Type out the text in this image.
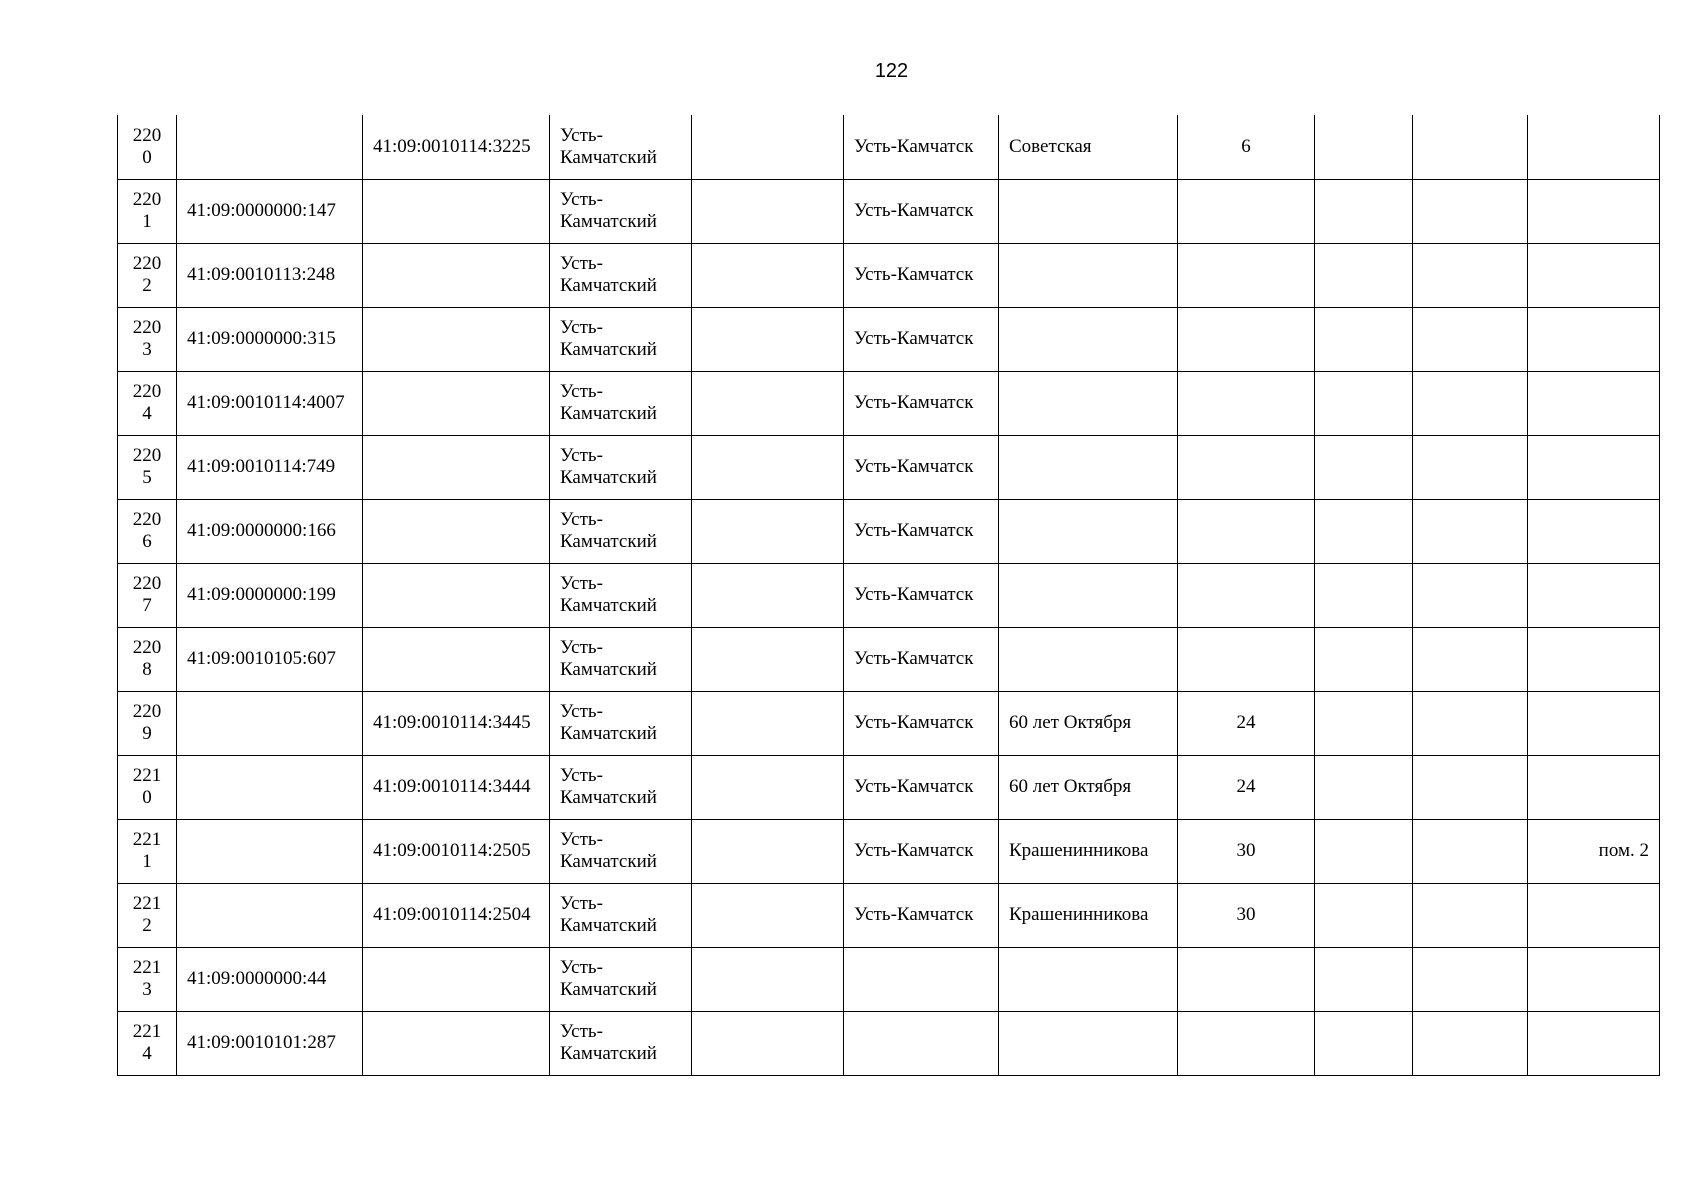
122
2200		41:09:0010114:3225	Усть-
Камчатский		Усть-Камчатск	Советская	6			
2201	41:09:0000000:147		Усть-
Камчатский		Усть-Камчатск					
2202	41:09:0010113:248		Усть-
Камчатский		Усть-Камчатск					
2203	41:09:0000000:315		Усть-
Камчатский		Усть-Камчатск					
2204	41:09:0010114:4007		Усть-
Камчатский		Усть-Камчатск					
2205	41:09:0010114:749		Усть-
Камчатский		Усть-Камчатск					
2206	41:09:0000000:166		Усть-
Камчатский		Усть-Камчатск					
2207	41:09:0000000:199		Усть-
Камчатский		Усть-Камчатск					
2208	41:09:0010105:607		Усть-
Камчатский		Усть-Камчатск					
2209		41:09:0010114:3445	Усть-
Камчатский		Усть-Камчатск	60 лет Октября	24			
2210		41:09:0010114:3444	Усть-
Камчатский		Усть-Камчатск	60 лет Октября	24			
2211		41:09:0010114:2505	Усть-
Камчатский		Усть-Камчатск	Крашенинникова	30			пом. 2
2212		41:09:0010114:2504	Усть-
Камчатский		Усть-Камчатск	Крашенинникова	30			
2213	41:09:0000000:44		Усть-
Камчатский							

2214	41:09:0010101:287		Усть-
Камчатский							
